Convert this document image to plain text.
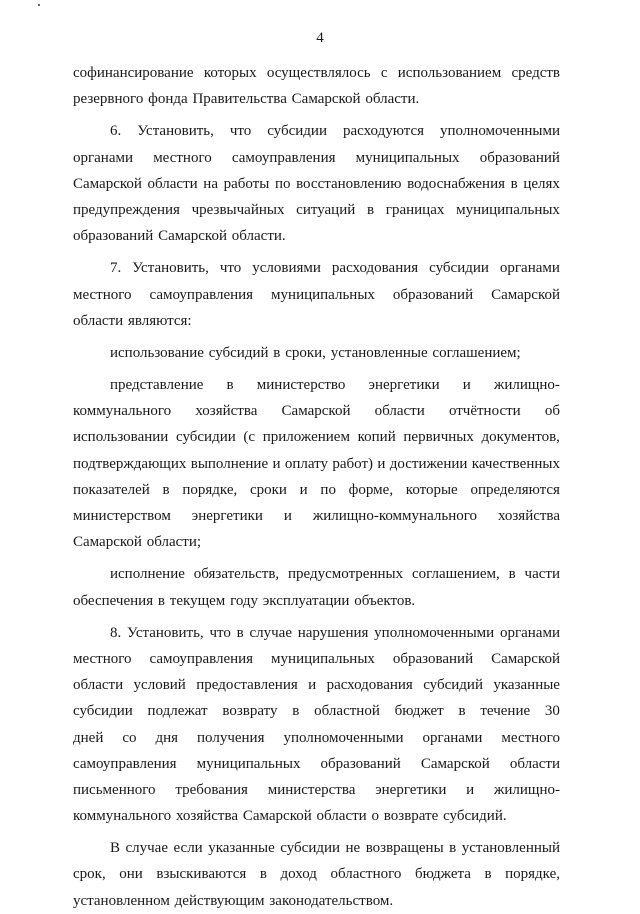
4
софинансирование которых осуществлялось с использованием средств
резервного фонда Правительства Самарской области.
6. Установить, что субсидии расходуются уполномоченными
органами местного самоуправления муниципальных образований
Самарской области на работы по восстановлению водоснабжения в целях
предупреждения чрезвычайных ситуаций в границах муниципальных
образований Самарской области.
7. Установить, что условиями расходования субсидии органами
местного самоуправления муниципальных образований Самарской
области являются:
использование субсидий в сроки, установленные соглашением;
представление в министерство энергетики и жилищно-
коммунального хозяйства Самарской области отчётности об
использовании субсидии (с приложением копий первичных документов,
подтверждающих выполнение и оплату работ) и достижении качественных
показателей в порядке, сроки и по форме, которые определяются
министерством энергетики и жилищно-коммунального хозяйства
Самарской области;
исполнение обязательств, предусмотренных соглашением, в части
обеспечения в текущем году эксплуатации объектов.
8. Установить, что в случае нарушения уполномоченными органами
местного самоуправления муниципальных образований Самарской
области условий предоставления и расходования субсидий указанные
субсидии подлежат возврату в областной бюджет в течение 30
дней со дня получения уполномоченными органами местного
самоуправления муниципальных образований Самарской области
письменного требования министерства энергетики и жилищно-
коммунального хозяйства Самарской области о возврате субсидий.
В случае если указанные субсидии не возвращены в установленный
срок, они взыскиваются в доход областного бюджета в порядке,
установленном действующим законодательством.
